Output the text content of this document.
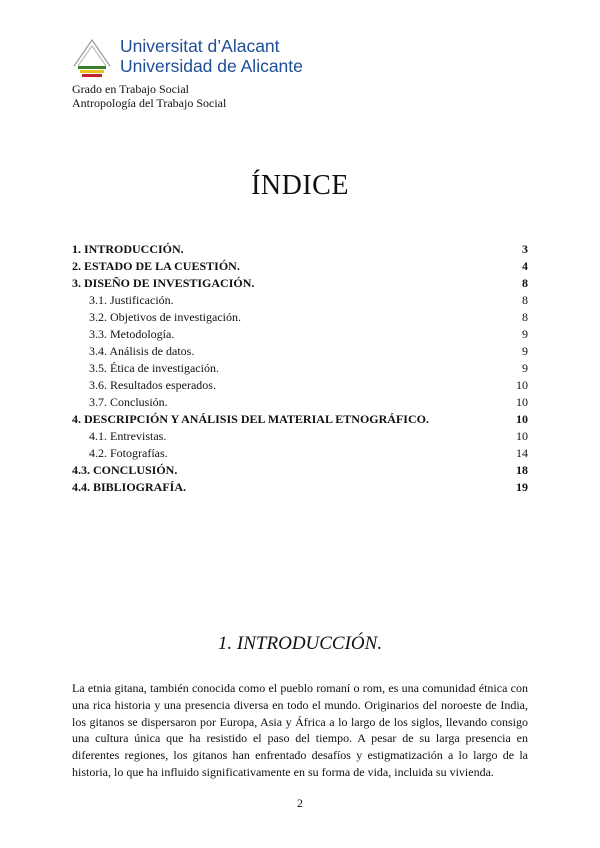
Universitat d’Alacant
Universidad de Alicante
Grado en Trabajo Social
Antropología del Trabajo Social
ÍNDICE
1. INTRODUCCIÓN.	3
2. ESTADO DE LA CUESTIÓN.	4
3. DISEÑO DE INVESTIGACIÓN.	8
3.1. Justificación.	8
3.2. Objetivos de investigación.	8
3.3. Metodología.	9
3.4. Análisis de datos.	9
3.5. Ética de investigación.	9
3.6. Resultados esperados.	10
3.7. Conclusión.	10
4. DESCRIPCIÓN Y ANÁLISIS DEL MATERIAL ETNOGRÁFICO.	10
4.1. Entrevistas.	10
4.2. Fotografías.	14
4.3. CONCLUSIÓN.	18
4.4. BIBLIOGRAFÍA.	19
1. INTRODUCCIÓN.

La etnia gitana, también conocida como el pueblo romaní o rom, es una comunidad étnica con una rica historia y una presencia diversa en todo el mundo. Originarios del noroeste de India, los gitanos se dispersaron por Europa, Asia y África a lo largo de los siglos, llevando consigo una cultura única que ha resistido el paso del tiempo. A pesar de su larga presencia en diferentes regiones, los gitanos han enfrentado desafíos y estigmatización a lo largo de la historia, lo que ha influido significativamente en su forma de vida, incluida su vivienda.

2
